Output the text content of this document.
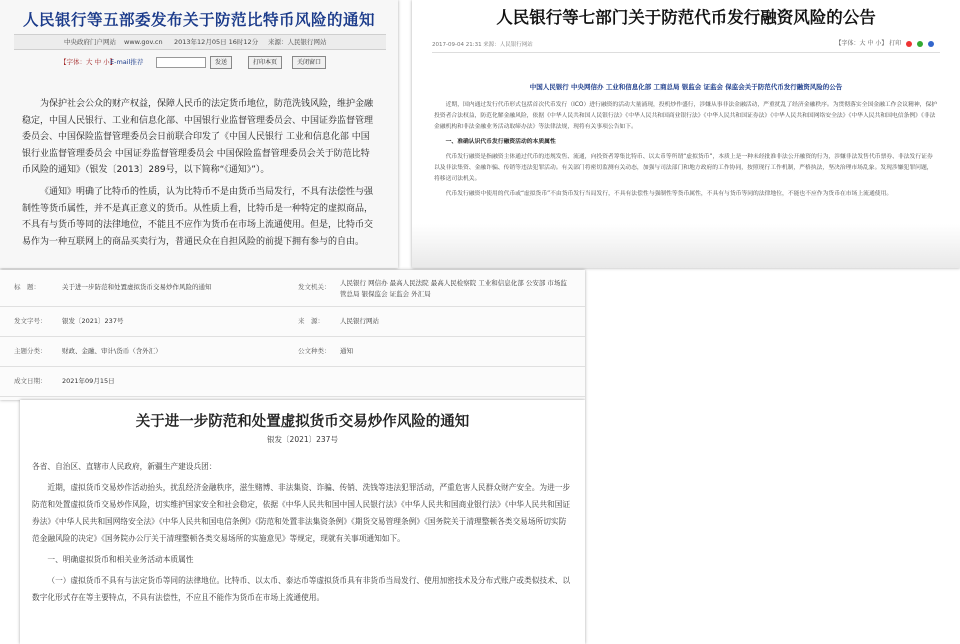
人民银行等五部委发布关于防范比特币风险的通知
中央政府门户网站 www.gov.cn 2013年12月05日 16时12分 来源：人民银行网站
【字体：大 中 小】
E-mail推荐	发送	打印本页	关闭窗口

为保护社会公众的财产权益，保障人民币的法定货币地位，防范洗钱风险，维护金融稳定，中国人民银行、工业和信息化部、中国银行业监督管理委员会、中国证券监督管理委员会、中国保险监督管理委员会日前联合印发了《中国人民银行 工业和信息化部 中国银行业监督管理委员会 中国证券监督管理委员会 中国保险监督管理委员会关于防范比特币风险的通知》（银发〔2013〕289号，以下简称“《通知》”）。

《通知》明确了比特币的性质，认为比特币不是由货币当局发行，不具有法偿性与强制性等货币属性，并不是真正意义的货币。从性质上看，比特币是一种特定的虚拟商品，不具有与货币等同的法律地位，不能且不应作为货币在市场上流通使用。但是，比特币交易作为一种互联网上的商品买卖行为，普通民众在自担风险的前提下拥有参与的自由。

人民银行等七部门关于防范代币发行融资风险的公告
2017-09-04 21:31 来源：人民银行网站	【字体：大 中 小】 打印
中国人民银行 中央网信办 工业和信息化部 工商总局 银监会 证监会 保监会关于防范代币发行融资风险的公告

近期，国内通过发行代币形式包括首次代币发行（ICO）进行融资的活动大量涌现，投机炒作盛行，涉嫌从事非法金融活动，严重扰乱了经济金融秩序。为贯彻落实全国金融工作会议精神，保护投资者合法权益，防范化解金融风险，依据《中华人民共和国人民银行法》《中华人民共和国商业银行法》《中华人民共和国证券法》《中华人民共和国网络安全法》《中华人民共和国电信条例》《非法金融机构和非法金融业务活动取缔办法》等法律法规，现将有关事项公告如下。

一、准确认识代币发行融资活动的本质属性

代币发行融资是指融资主体通过代币的违规发售、流通，向投资者筹集比特币、以太币等所谓“虚拟货币”，本质上是一种未经批准非法公开融资的行为，涉嫌非法发售代币票券、非法发行证券以及非法集资、金融诈骗、传销等违法犯罪活动。有关部门将密切监测有关动态，加强与司法部门和地方政府的工作协同，按照现行工作机制，严格执法，坚决治理市场乱象。发现涉嫌犯罪问题，将移送司法机关。

代币发行融资中使用的代币或“虚拟货币”不由货币发行当局发行，不具有法偿性与强制性等货币属性，不具有与货币等同的法律地位，不能也不应作为货币在市场上流通使用。

标　题：	关于进一步防范和处置虚拟货币交易炒作风险的通知	发文机关： 人民银行 网信办 最高人民法院 最高人民检察院 工业和信息化部 公安部 市场监管总局 银保监会 证监会 外汇局
发文字号： 银发〔2021〕237号	来　源： 人民银行网站
主题分类： 财政、金融、审计\货币（含外汇）	公文种类： 通知
成文日期： 2021年09月15日
关于进一步防范和处置虚拟货币交易炒作风险的通知
银发〔2021〕237号

各省、自治区、直辖市人民政府，新疆生产建设兵团：

近期，虚拟货币交易炒作活动抬头，扰乱经济金融秩序，滋生赌博、非法集资、诈骗、传销、洗钱等违法犯罪活动，严重危害人民群众财产安全。为进一步防范和处置虚拟货币交易炒作风险，切实维护国家安全和社会稳定，依据《中华人民共和国中国人民银行法》《中华人民共和国商业银行法》《中华人民共和国证券法》《中华人民共和国网络安全法》《中华人民共和国电信条例》《防范和处置非法集资条例》《期货交易管理条例》《国务院关于清理整顿各类交易场所切实防范金融风险的决定》《国务院办公厅关于清理整顿各类交易场所的实施意见》等规定，现就有关事项通知如下。

一、明确虚拟货币和相关业务活动本质属性

（一）虚拟货币不具有与法定货币等同的法律地位。比特币、以太币、泰达币等虚拟货币具有非货币当局发行、使用加密技术及分布式账户或类似技术、以数字化形式存在等主要特点，不具有法偿性，不应且不能作为货币在市场上流通使用。
